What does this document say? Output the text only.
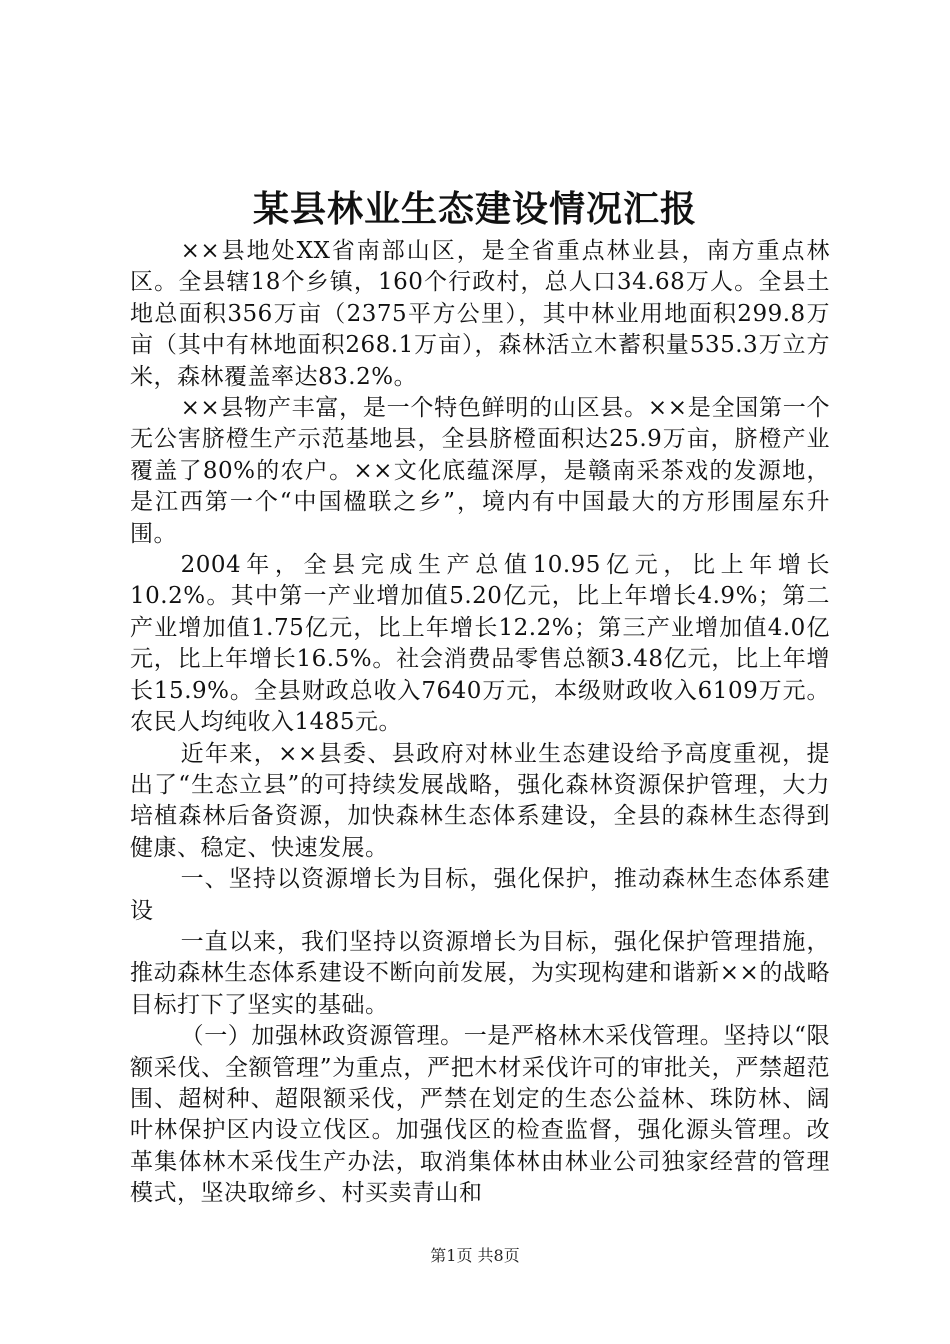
某县林业生态建设情况汇报

××县地处XX省南部山区，是全省重点林业县，南方重点林区。全县辖18个乡镇，160个行政村，总人口34.68万人。全县土地总面积356万亩（2375平方公里），其中林业用地面积299.8万亩（其中有林地面积268.1万亩），森林活立木蓄积量535.3万立方米，森林覆盖率达83.2%。

××县物产丰富，是一个特色鲜明的山区县。××是全国第一个无公害脐橙生产示范基地县，全县脐橙面积达25.9万亩，脐橙产业覆盖了80%的农户。××文化底蕴深厚，是赣南采茶戏的发源地，是江西第一个“中国楹联之乡”，境内有中国最大的方形围屋东升围。

2004年，全县完成生产总值10.95亿元，比上年增长10.2%。其中第一产业增加值5.20亿元，比上年增长4.9%；第二产业增加值1.75亿元，比上年增长12.2%；第三产业增加值4.0亿元，比上年增长16.5%。社会消费品零售总额3.48亿元，比上年增长15.9%。全县财政总收入7640万元，本级财政收入6109万元。农民人均纯收入1485元。

近年来，××县委、县政府对林业生态建设给予高度重视，提出了“生态立县”的可持续发展战略，强化森林资源保护管理，大力培植森林后备资源，加快森林生态体系建设，全县的森林生态得到健康、稳定、快速发展。

一、坚持以资源增长为目标，强化保护，推动森林生态体系建设

一直以来，我们坚持以资源增长为目标，强化保护管理措施，推动森林生态体系建设不断向前发展，为实现构建和谐新××的战略目标打下了坚实的基础。

（一）加强林政资源管理。一是严格林木采伐管理。坚持以“限额采伐、全额管理”为重点，严把木材采伐许可的审批关，严禁超范围、超树种、超限额采伐，严禁在划定的生态公益林、珠防林、阔叶林保护区内设立伐区。加强伐区的检查监督，强化源头管理。改革集体林木采伐生产办法，取消集体林由林业公司独家经营的管理模式，坚决取缔乡、村买卖青山和

第1页 共8页
